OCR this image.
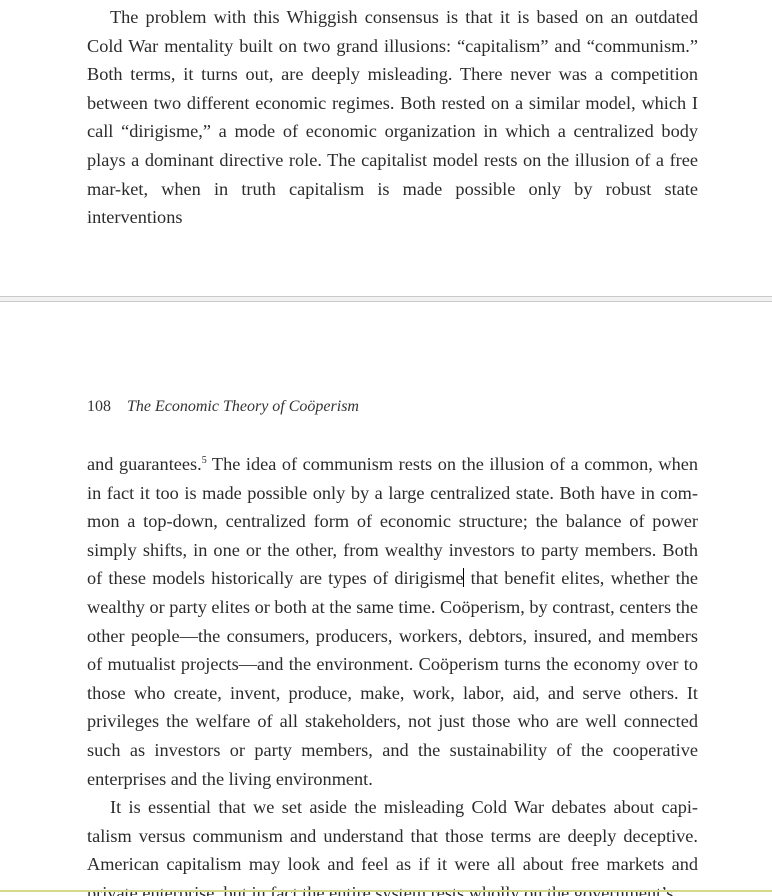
The problem with this Whiggish consensus is that it is based on an outdated Cold War mentality built on two grand illusions: “capitalism” and “communism.” Both terms, it turns out, are deeply misleading. There never was a competition between two different economic regimes. Both rested on a similar model, which I call “dirigisme,” a mode of economic organization in which a centralized body plays a dominant directive role. The capitalist model rests on the illusion of a free mar-ket, when in truth capitalism is made possible only by robust state interventions

108 The Economic Theory of Coöperism

and guarantees.$^5$ The idea of communism rests on the illusion of a common, when in fact it too is made possible only by a large centralized state. Both have in com-mon a top-down, centralized form of economic structure; the balance of power simply shifts, in one or the other, from wealthy investors to party members. Both of these models historically are types of dirigisme that benefit elites, whether the wealthy or party elites or both at the same time. Coöperism, by contrast, centers the other people—the consumers, producers, workers, debtors, insured, and members of mutualist projects—and the environment. Coöperism turns the economy over to those who create, invent, produce, make, work, labor, aid, and serve others. It privileges the welfare of all stakeholders, not just those who are well connected such as investors or party members, and the sustainability of the cooperative enterprises and the living environment.

It is essential that we set aside the misleading Cold War debates about capi-talism versus communism and understand that those terms are deeply deceptive. American capitalism may look and feel as if it were all about free markets and
